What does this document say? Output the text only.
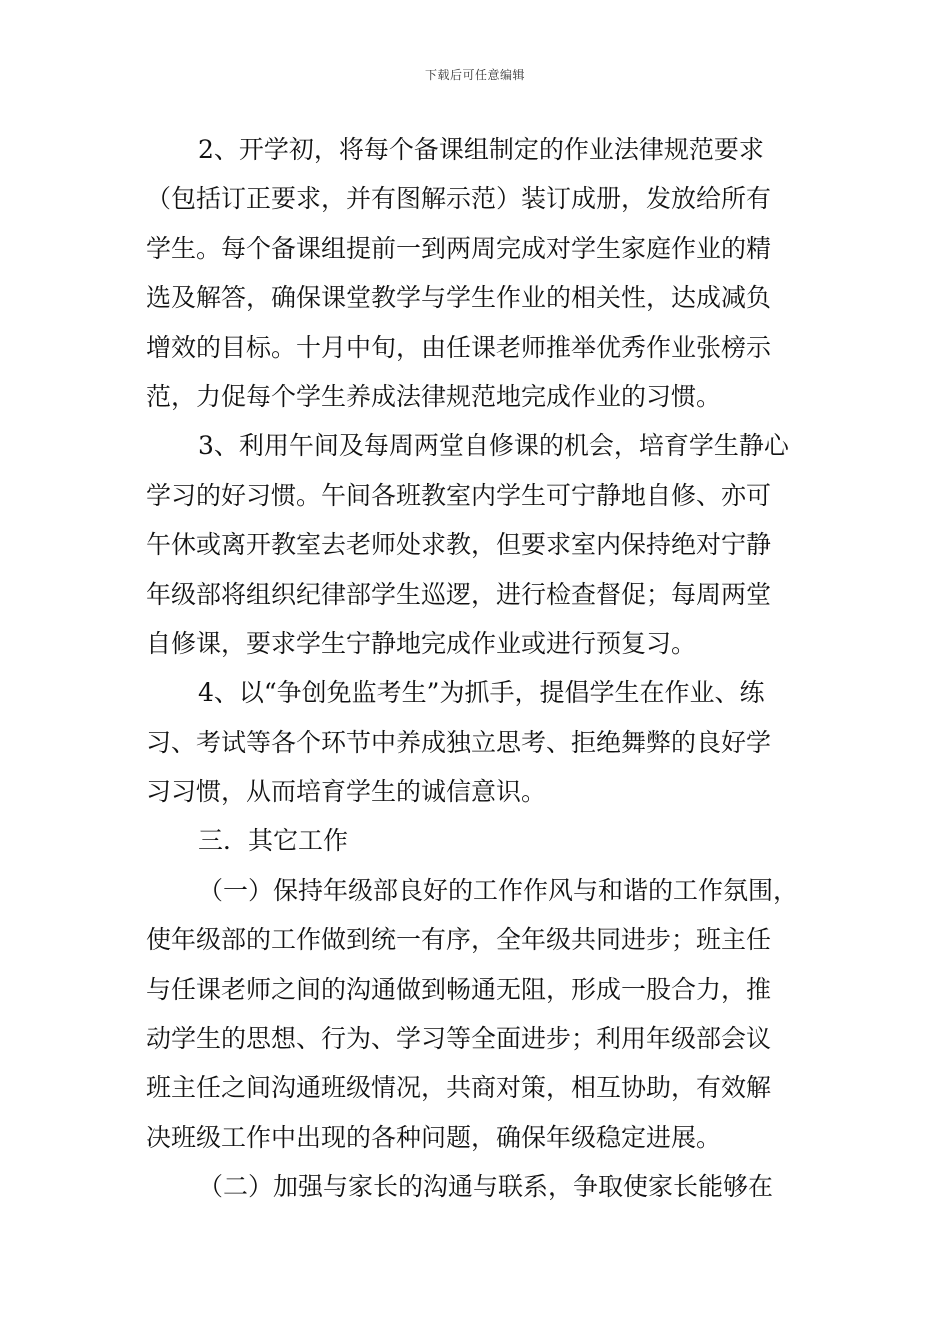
下载后可任意编辑
2、开学初，将每个备课组制定的作业法律规范要求
（包括订正要求，并有图解示范）装订成册，发放给所有
学生。每个备课组提前一到两周完成对学生家庭作业的精
选及解答，确保课堂教学与学生作业的相关性，达成减负
增效的目标。十月中旬，由任课老师推举优秀作业张榜示
范，力促每个学生养成法律规范地完成作业的习惯。
3、利用午间及每周两堂自修课的机会，培育学生静心
学习的好习惯。午间各班教室内学生可宁静地自修、亦可
午休或离开教室去老师处求教，但要求室内保持绝对宁静
年级部将组织纪律部学生巡逻，进行检查督促；每周两堂
自修课，要求学生宁静地完成作业或进行预复习。
4、以“争创免监考生”为抓手，提倡学生在作业、练
习、考试等各个环节中养成独立思考、拒绝舞弊的良好学
习习惯，从而培育学生的诚信意识。
三．其它工作
（一）保持年级部良好的工作作风与和谐的工作氛围，
使年级部的工作做到统一有序，全年级共同进步；班主任
与任课老师之间的沟通做到畅通无阻，形成一股合力，推
动学生的思想、行为、学习等全面进步；利用年级部会议
班主任之间沟通班级情况，共商对策，相互协助，有效解
决班级工作中出现的各种问题，确保年级稳定进展。
（二）加强与家长的沟通与联系，争取使家长能够在
